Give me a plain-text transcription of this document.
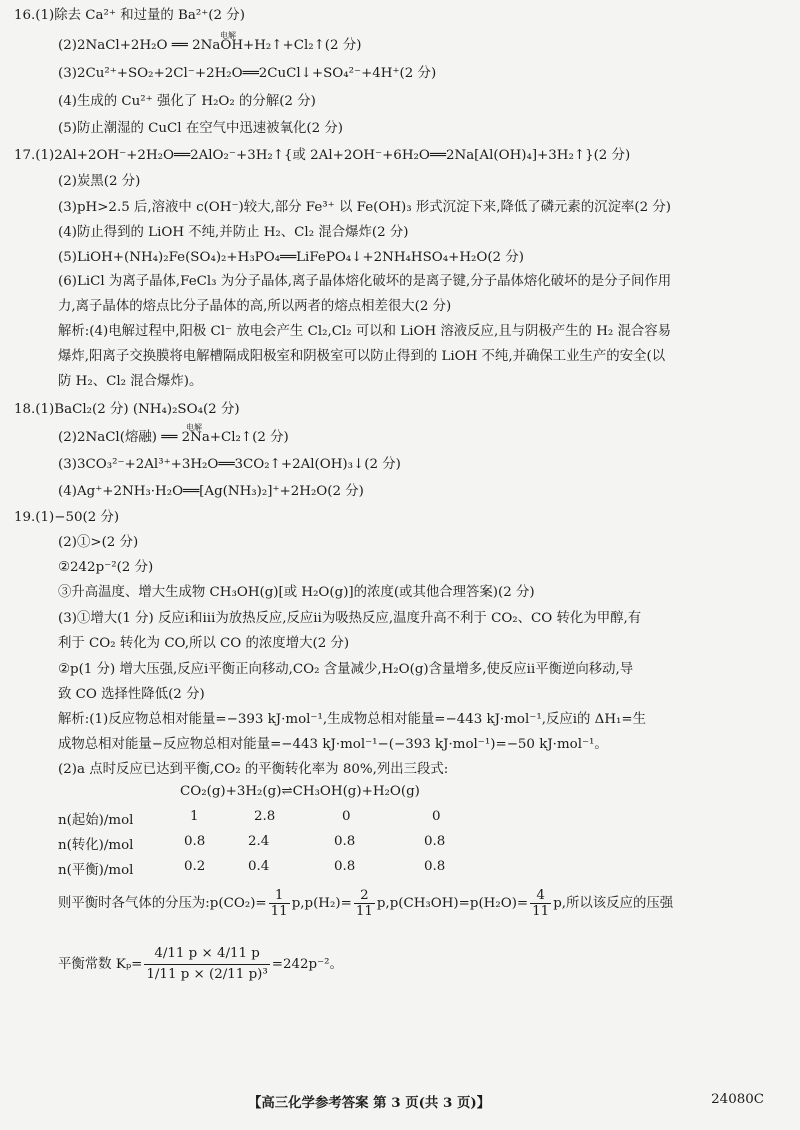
16.(1)除去 Ca²⁺ 和过量的 Ba²⁺(2 分)
电解
(2)2NaCl+2H₂O ══ 2NaOH+H₂↑+Cl₂↑(2 分)
(3)2Cu²⁺+SO₂+2Cl⁻+2H₂O══2CuCl↓+SO₄²⁻+4H⁺(2 分)
(4)生成的 Cu²⁺ 强化了 H₂O₂ 的分解(2 分)
(5)防止潮湿的 CuCl 在空气中迅速被氧化(2 分)
17.(1)2Al+2OH⁻+2H₂O══2AlO₂⁻+3H₂↑{或 2Al+2OH⁻+6H₂O══2Na[Al(OH)₄]+3H₂↑}(2 分)
(2)炭黑(2 分)
(3)pH>2.5 后,溶液中 c(OH⁻)较大,部分 Fe³⁺ 以 Fe(OH)₃ 形式沉淀下来,降低了磷元素的沉淀率(2 分)
(4)防止得到的 LiOH 不纯,并防止 H₂、Cl₂ 混合爆炸(2 分)
(5)LiOH+(NH₄)₂Fe(SO₄)₂+H₃PO₄══LiFePO₄↓+2NH₄HSO₄+H₂O(2 分)
(6)LiCl 为离子晶体,FeCl₃ 为分子晶体,离子晶体熔化破坏的是离子键,分子晶体熔化破坏的是分子间作用
力,离子晶体的熔点比分子晶体的高,所以两者的熔点相差很大(2 分)
解析:(4)电解过程中,阳极 Cl⁻ 放电会产生 Cl₂,Cl₂ 可以和 LiOH 溶液反应,且与阴极产生的 H₂ 混合容易
爆炸,阳离子交换膜将电解槽隔成阳极室和阴极室可以防止得到的 LiOH 不纯,并确保工业生产的安全(以
防 H₂、Cl₂ 混合爆炸)。
18.(1)BaCl₂(2 分) (NH₄)₂SO₄(2 分)
电解
(2)2NaCl(熔融) ══ 2Na+Cl₂↑(2 分)
(3)3CO₃²⁻+2Al³⁺+3H₂O══3CO₂↑+2Al(OH)₃↓(2 分)
(4)Ag⁺+2NH₃·H₂O══[Ag(NH₃)₂]⁺+2H₂O(2 分)
19.(1)−50(2 分)
(2)①>(2 分)
②242p⁻²(2 分)
③升高温度、增大生成物 CH₃OH(g)[或 H₂O(g)]的浓度(或其他合理答案)(2 分)
(3)①增大(1 分) 反应ⅰ和ⅲ为放热反应,反应ⅱ为吸热反应,温度升高不利于 CO₂、CO 转化为甲醇,有
利于 CO₂ 转化为 CO,所以 CO 的浓度增大(2 分)
②p(1 分) 增大压强,反应ⅰ平衡正向移动,CO₂ 含量减少,H₂O(g)含量增多,使反应ⅱ平衡逆向移动,导
致 CO 选择性降低(2 分)
解析:(1)反应物总相对能量=−393 kJ·mol⁻¹,生成物总相对能量=−443 kJ·mol⁻¹,反应ⅰ的 ΔH₁=生
成物总相对能量−反应物总相对能量=−443 kJ·mol⁻¹−(−393 kJ·mol⁻¹)=−50 kJ·mol⁻¹。
(2)a 点时反应已达到平衡,CO₂ 的平衡转化率为 80%,列出三段式:
CO₂(g)+3H₂(g)⇌CH₃OH(g)+H₂O(g)
n(起始)/mol	1	2.8	0	0
n(转化)/mol	0.8	2.4	0.8	0.8
n(平衡)/mol	0.2	0.4	0.8	0.8
则平衡时各气体的分压为:p(CO₂)= $\frac{1}{11} p,p(H_2)= \frac{2}{11} p,p(CH_3OH)=p(H_2O)= \frac{4}{11} p$,所以该反应的压强
平衡常数 $K_p= \frac{4/11 p \times 4/11 p}{\text{1/11 p × (2/11 p)³}} =242p^{-2}$。
【高三化学参考答案 第 3 页(共 3 页)】	24080C
